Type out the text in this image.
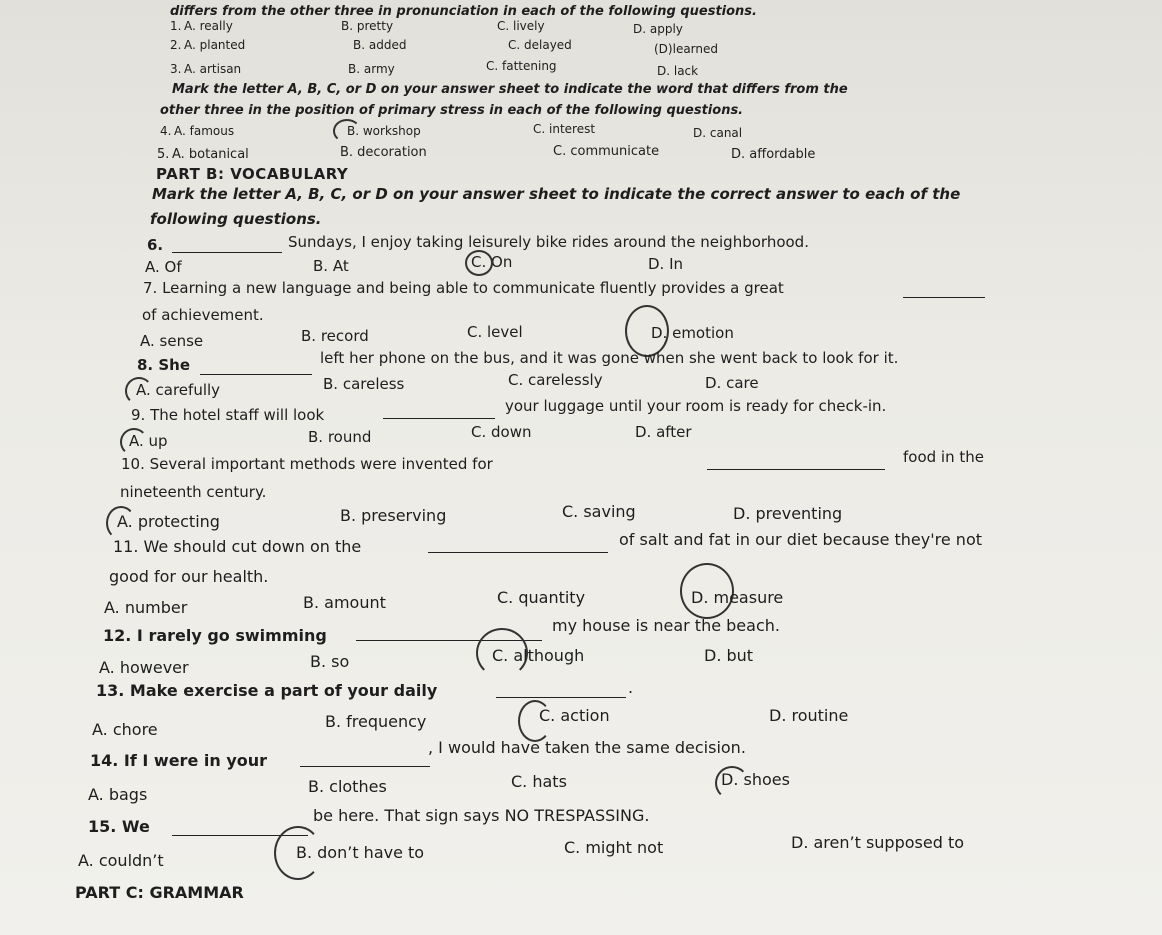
differs from the other three in pronunciation in each of the following questions.
1. A. really	B. pretty	C. lively	D. apply
2. A. planted	B. added	C. delayed	(D)learned
3. A. artisan	B. army	C. fattening	D. lack
Mark the letter A, B, C, or D on your answer sheet to indicate the word that differs from the
other three in the position of primary stress in each of the following questions.
4. A. famous	B. workshop	C. interest	D. canal
5. A. botanical	B. decoration	C. communicate	D. affordable
PART B: VOCABULARY
Mark the letter A, B, C, or D on your answer sheet to indicate the correct answer to each of the
following questions.
6.	Sundays, I enjoy taking leisurely bike rides around the neighborhood.
A. Of	B. At	C. On	D. In
7. Learning a new language and being able to communicate fluently provides a great
of achievement.
A. sense	B. record	C. level	D. emotion
8. She	left her phone on the bus, and it was gone when she went back to look for it.
A. carefully	B. careless	C. carelessly	D. care
9. The hotel staff will look	your luggage until your room is ready for check-in.
A. up	B. round	C. down	D. after
10. Several important methods were invented for	food in the
nineteenth century.
A. protecting	B. preserving	C. saving	D. preventing
11. We should cut down on the	of salt and fat in our diet because they're not
good for our health.
A. number	B. amount	C. quantity	D. measure
12. I rarely go swimming
my house is near the beach.
A. however	B. so	C. although	D. but
13. Make exercise a part of your daily	.
A. chore	B. frequency	C. action	D. routine
14. If I were in your
, I would have taken the same decision.
A. bags	B. clothes	C. hats	D. shoes
15. We
be here. That sign says NO TRESPASSING.
A. couldn’t	B. don’t have to	C. might not	D. aren’t supposed to
PART C: GRAMMAR
